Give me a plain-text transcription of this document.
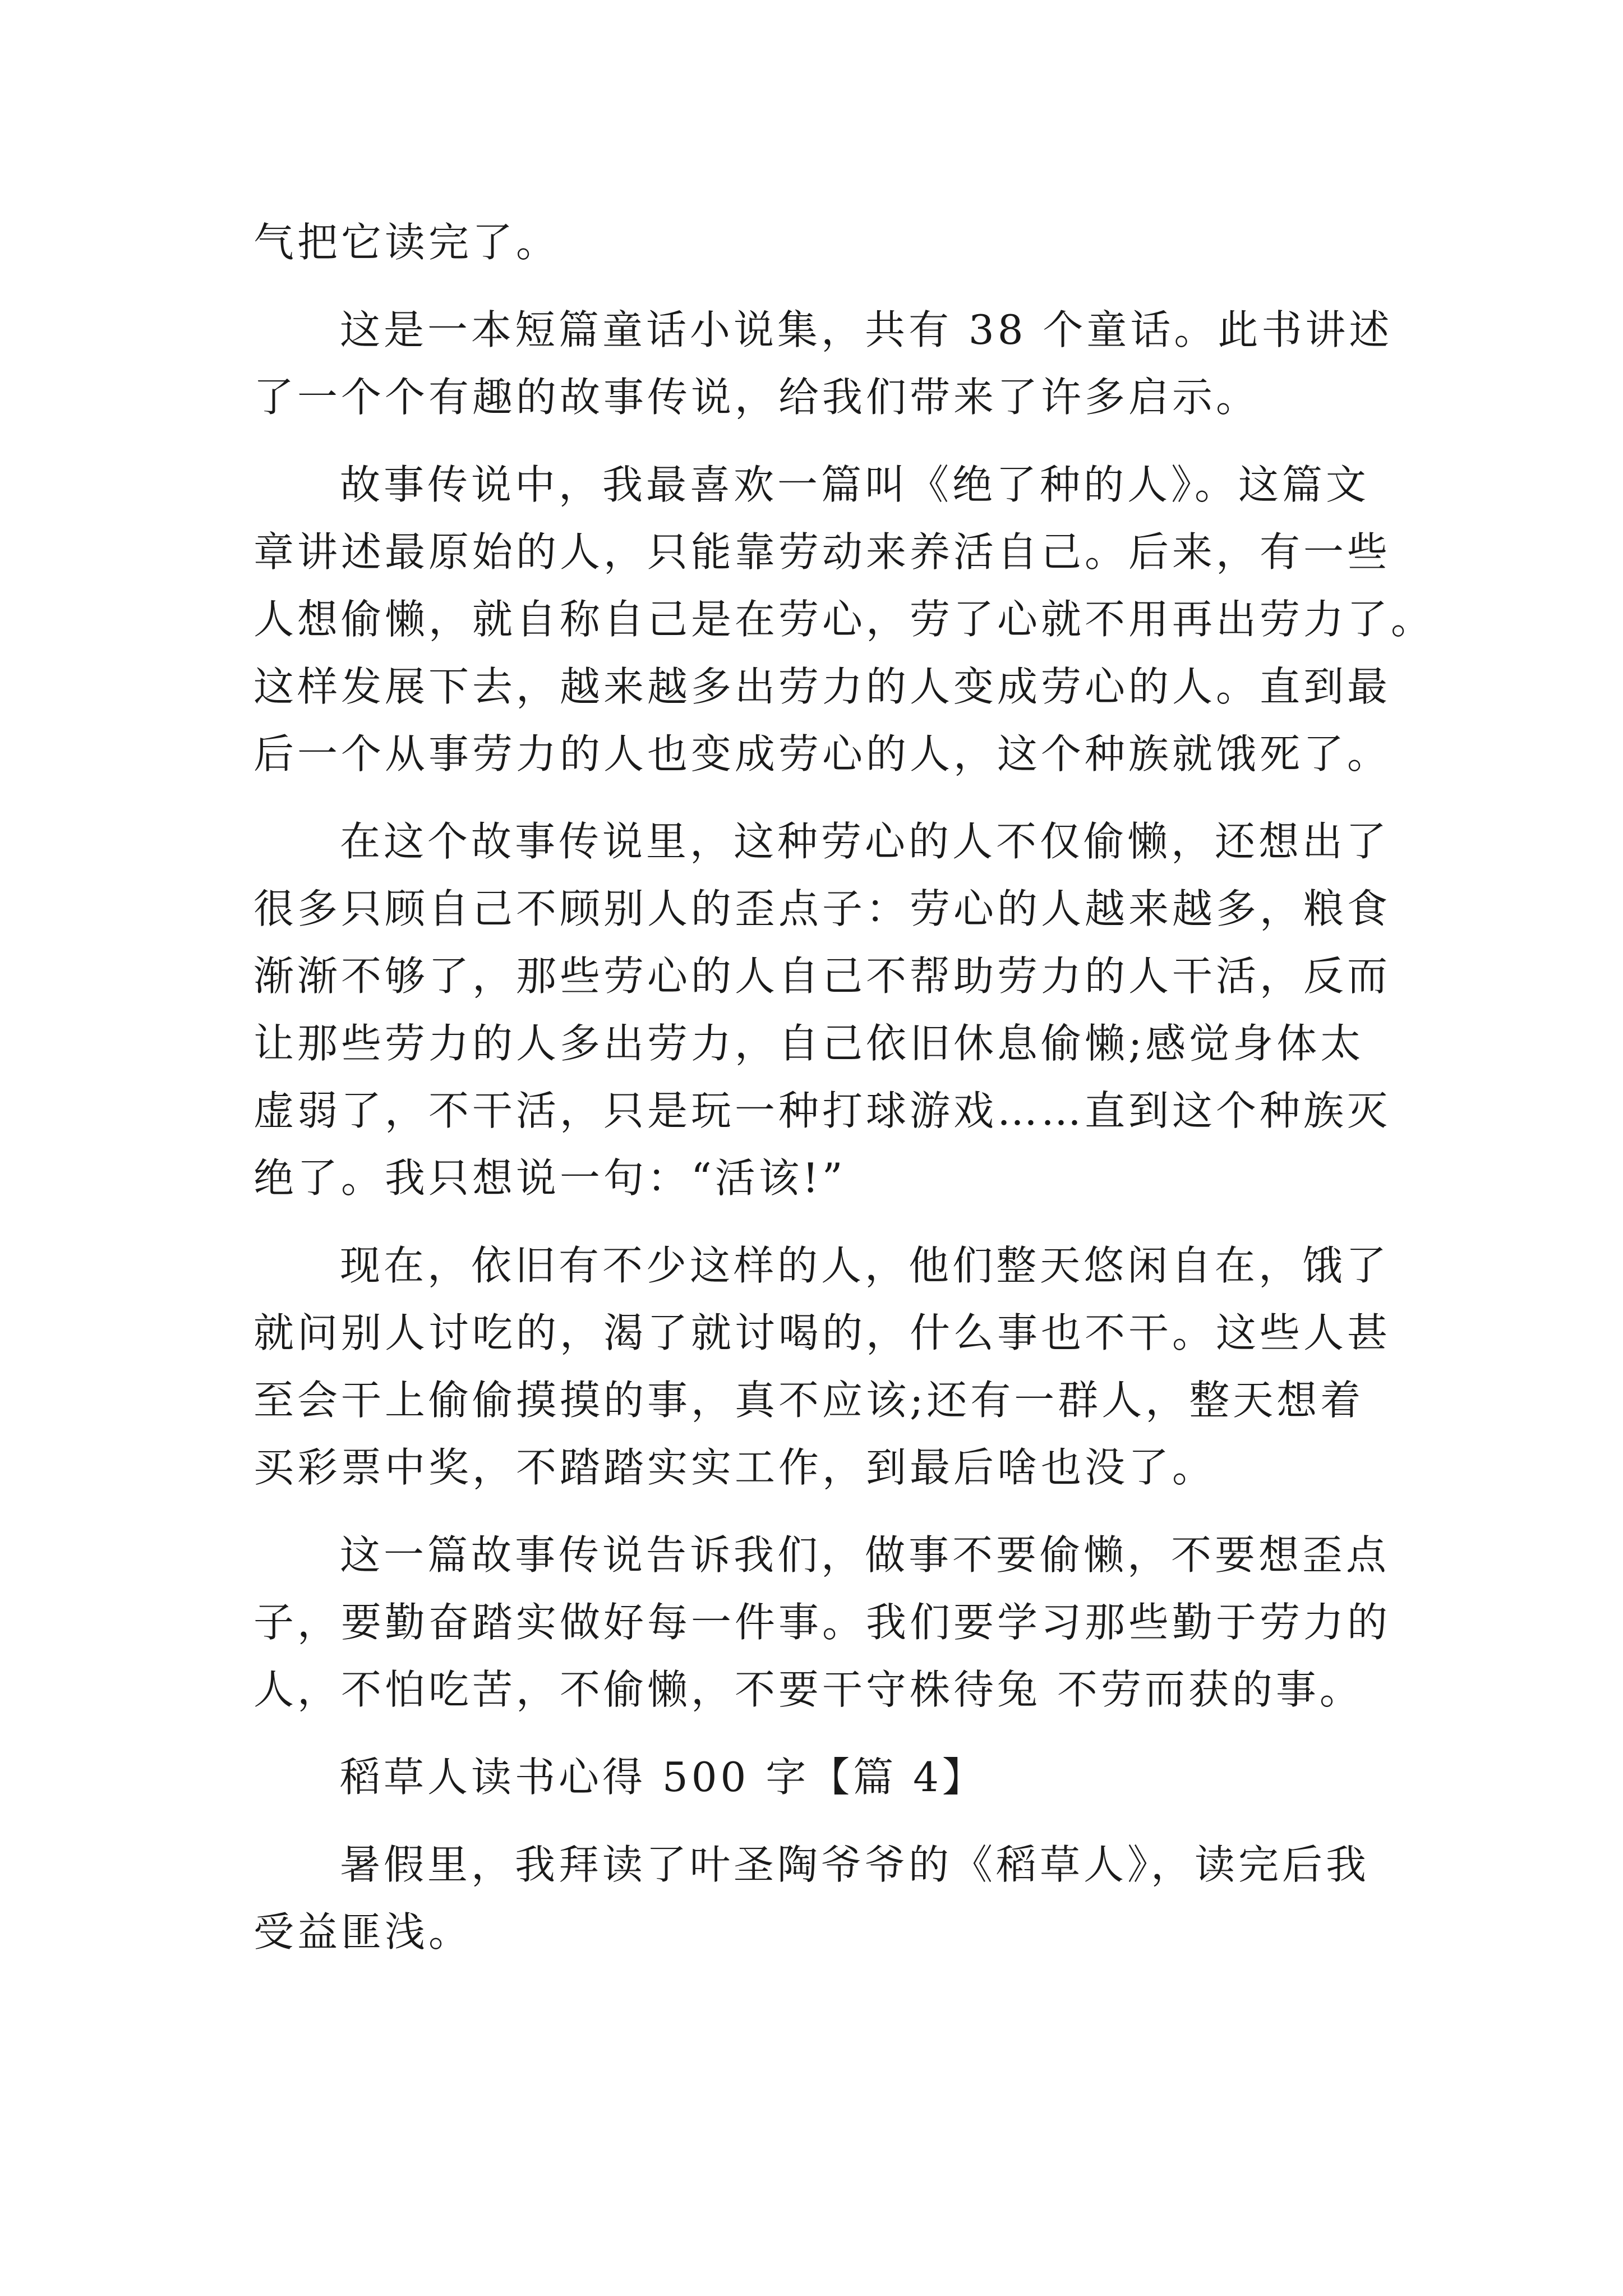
气把它读完了。
这是一本短篇童话小说集，共有 38 个童话。此书讲述
了一个个有趣的故事传说，给我们带来了许多启示。
故事传说中，我最喜欢一篇叫《绝了种的人》。这篇文
章讲述最原始的人，只能靠劳动来养活自己。后来，有一些
人想偷懒，就自称自己是在劳心，劳了心就不用再出劳力了。
这样发展下去，越来越多出劳力的人变成劳心的人。直到最
后一个从事劳力的人也变成劳心的人，这个种族就饿死了。
在这个故事传说里，这种劳心的人不仅偷懒，还想出了
很多只顾自己不顾别人的歪点子：劳心的人越来越多，粮食
渐渐不够了，那些劳心的人自己不帮助劳力的人干活，反而
让那些劳力的人多出劳力，自己依旧休息偷懒;感觉身体太
虚弱了，不干活，只是玩一种打球游戏……直到这个种族灭
绝了。我只想说一句：“活该!”
现在，依旧有不少这样的人，他们整天悠闲自在，饿了
就问别人讨吃的，渴了就讨喝的，什么事也不干。这些人甚
至会干上偷偷摸摸的事，真不应该;还有一群人，整天想着
买彩票中奖，不踏踏实实工作，到最后啥也没了。
这一篇故事传说告诉我们，做事不要偷懒，不要想歪点
子，要勤奋踏实做好每一件事。我们要学习那些勤于劳力的
人，不怕吃苦，不偷懒，不要干守株待兔 不劳而获的事。
稻草人读书心得 500 字【篇 4】
暑假里，我拜读了叶圣陶爷爷的《稻草人》，读完后我
受益匪浅。
